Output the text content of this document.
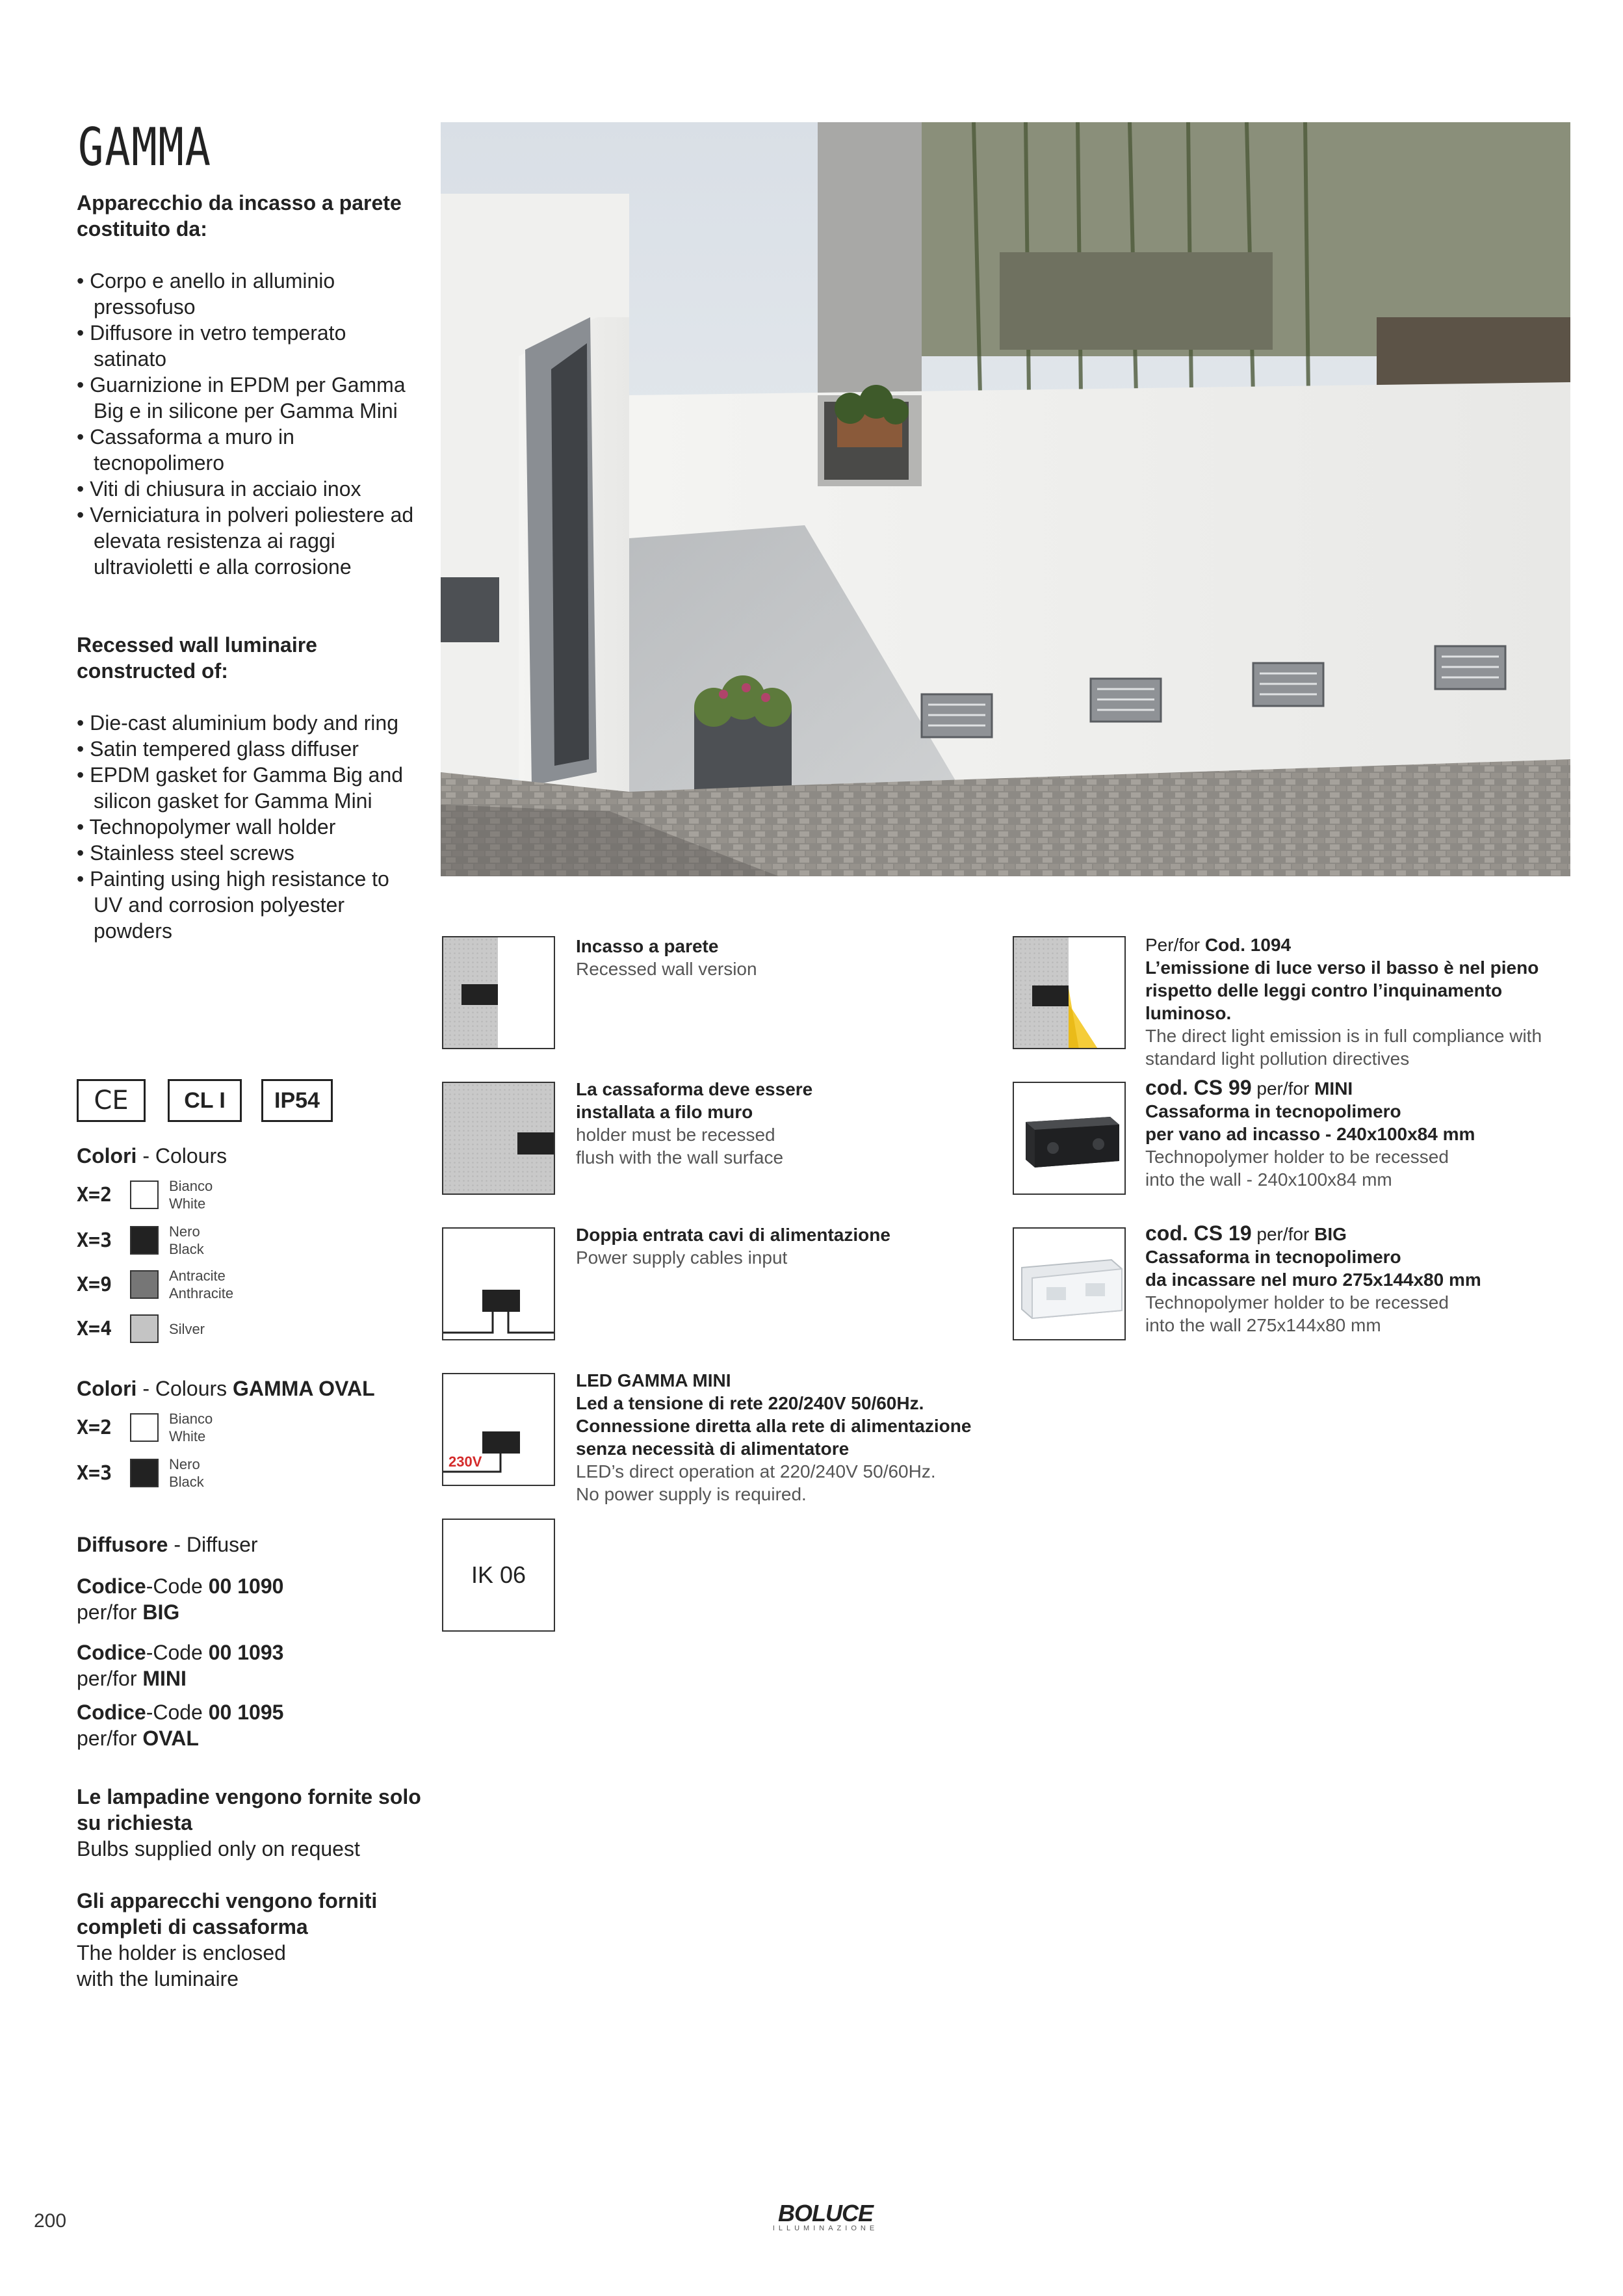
GAMMA
Apparecchio da incasso a parete costituito da:
• Corpo e anello in alluminio pressofuso
• Diffusore in vetro temperato satinato
• Guarnizione in EPDM per Gamma Big e in silicone per Gamma Mini
• Cassaforma a muro in tecnopolimero
• Viti di chiusura in acciaio inox
• Verniciatura in polveri poliestere ad elevata resistenza ai raggi ultravioletti e alla corrosione
Recessed wall luminaire constructed of:
• Die-cast aluminium body and ring
• Satin tempered glass diffuser
• EPDM gasket for Gamma Big and silicon gasket for Gamma Mini
• Technopolymer wall holder
• Stainless steel screws
• Painting using high resistance to UV and corrosion polyester powders
CE	CL I	IP54
Colori - Colours
X=2	Bianco
White
X=3	Nero
Black
X=9	Antracite
Anthracite
X=4	Silver
Colori - Colours GAMMA OVAL
X=2	Bianco
White
X=3	Nero
Black
Diffusore - Diffuser
Codice-Code 00 1090
per/for BIG
Codice-Code 00 1093
per/for MINI
Codice-Code 00 1095
per/for OVAL
Le lampadine vengono fornite solo su richiesta
Bulbs supplied only on request
Gli apparecchi vengono forniti completi di cassaforma
The holder is enclosed with the luminaire
Incasso a parete
Recessed wall version
La cassaforma deve essere installata a filo muro
holder must be recessed flush with the wall surface
Doppia entrata cavi di alimentazione
Power supply cables input
230V
LED GAMMA MINI
Led a tensione di rete 220/240V 50/60Hz. Connessione diretta alla rete di alimentazione senza necessità di alimentatore
LED’s direct operation at 220/240V 50/60Hz.
No power supply is required.
IK 06
Per/for Cod. 1094
L’emissione di luce verso il basso è nel pieno rispetto delle leggi contro l’inquinamento luminoso.
The direct light emission is in full compliance with standard light pollution directives
cod. CS 99 per/for MINI
Cassaforma in tecnopolimero
per vano ad incasso - 240x100x84 mm
Technopolymer holder to be recessed
into the wall - 240x100x84 mm
cod. CS 19 per/for BIG
Cassaforma in tecnopolimero
da incassare nel muro 275x144x80 mm
Technopolymer holder to be recessed
into the wall 275x144x80 mm
200	BOLUCE
ILLUMINAZIONE
